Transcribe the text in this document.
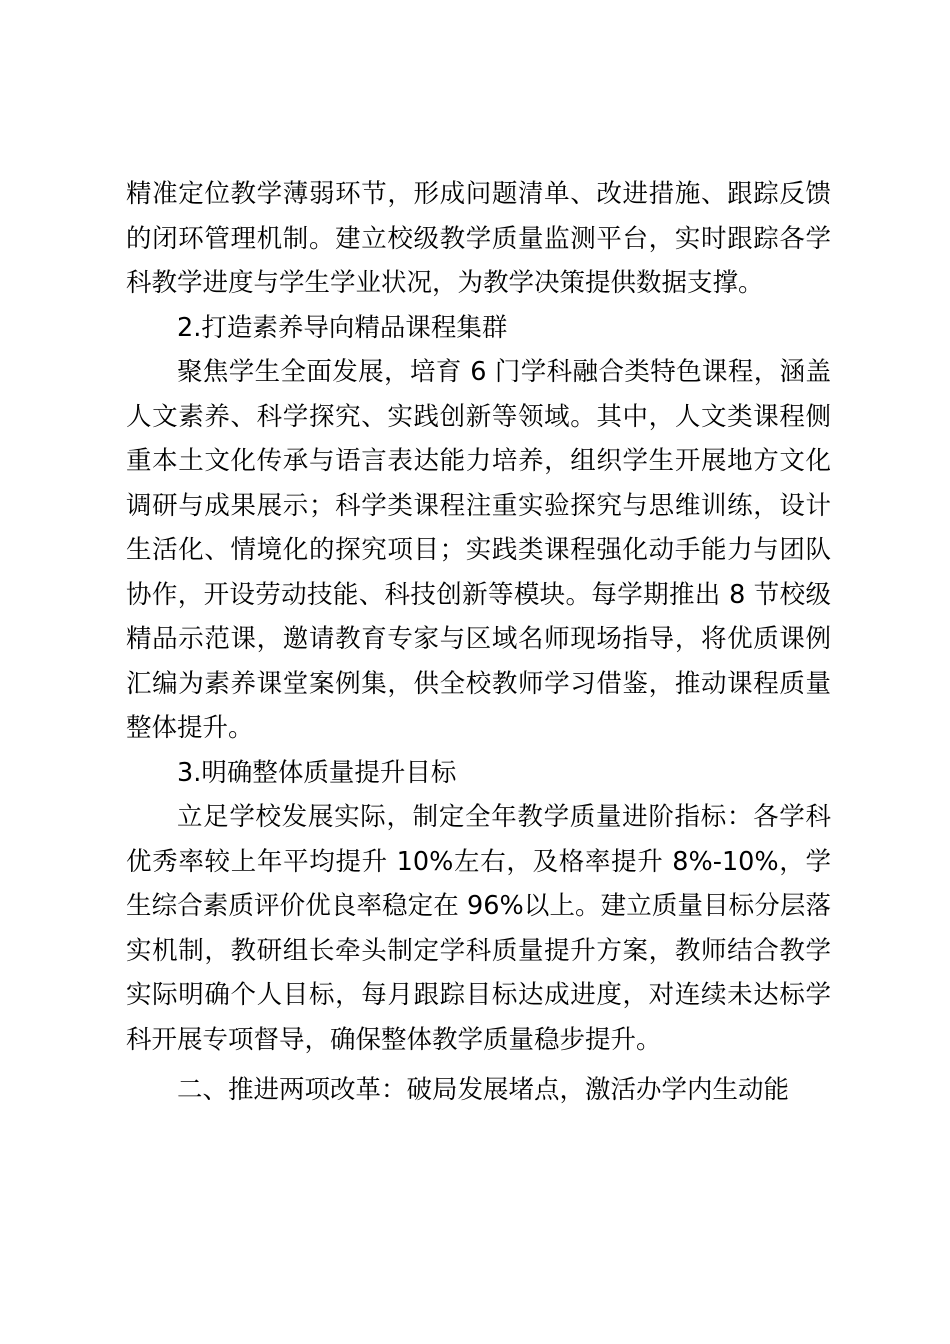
精准定位教学薄弱环节，形成问题清单、改进措施、跟踪反馈的闭环管理机制。建立校级教学质量监测平台，实时跟踪各学科教学进度与学生学业状况，为教学决策提供数据支撑。

2.打造素养导向精品课程集群

聚焦学生全面发展，培育 6 门学科融合类特色课程，涵盖人文素养、科学探究、实践创新等领域。其中，人文类课程侧重本土文化传承与语言表达能力培养，组织学生开展地方文化调研与成果展示；科学类课程注重实验探究与思维训练，设计生活化、情境化的探究项目；实践类课程强化动手能力与团队协作，开设劳动技能、科技创新等模块。每学期推出 8 节校级精品示范课，邀请教育专家与区域名师现场指导，将优质课例汇编为素养课堂案例集，供全校教师学习借鉴，推动课程质量整体提升。

3.明确整体质量提升目标

立足学校发展实际，制定全年教学质量进阶指标：各学科优秀率较上年平均提升 10%左右，及格率提升 8%-10%，学生综合素质评价优良率稳定在 96%以上。建立质量目标分层落实机制，教研组长牵头制定学科质量提升方案，教师结合教学实际明确个人目标，每月跟踪目标达成进度，对连续未达标学科开展专项督导，确保整体教学质量稳步提升。

二、推进两项改革：破局发展堵点，激活办学内生动能
